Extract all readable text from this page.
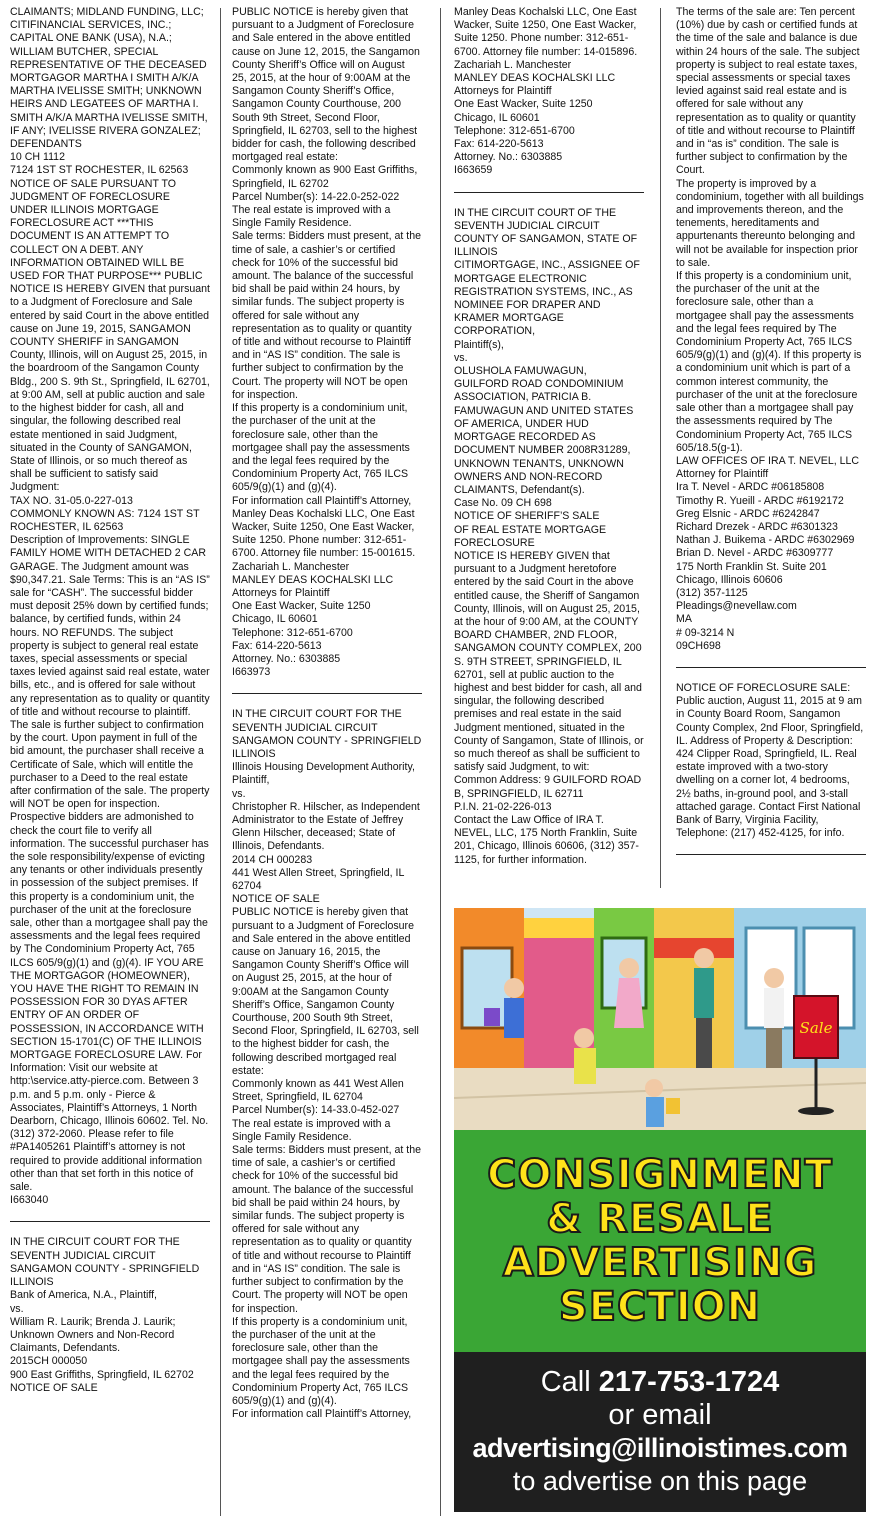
CLAIMANTS; MIDLAND FUNDING, LLC; CITIFINANCIAL SERVICES, INC.; CAPITAL ONE BANK (USA), N.A.; WILLIAM BUTCHER, SPECIAL REPRESENTATIVE OF THE DECEASED MORTGAGOR MARTHA I SMITH A/K/A MARTHA IVELISSE SMITH; UNKNOWN HEIRS AND LEGATEES OF MARTHA I. SMITH A/K/A MARTHA IVELISSE SMITH, IF ANY; IVELISSE RIVERA GONZALEZ;
DEFENDANTS
10 CH 1112
7124 1ST ST ROCHESTER, IL 62563
NOTICE OF SALE PURSUANT TO JUDGMENT OF FORECLOSURE UNDER ILLINOIS MORTGAGE FORECLOSURE ACT ***THIS DOCUMENT IS AN ATTEMPT TO COLLECT ON A DEBT. ANY INFORMATION OBTAINED WILL BE USED FOR THAT PURPOSE*** PUBLIC NOTICE IS HEREBY GIVEN that pursuant to a Judgment of Foreclosure and Sale entered by said Court in the above entitled cause on June 19, 2015, SANGAMON COUNTY SHERIFF in SANGAMON County, Illinois, will on August 25, 2015, in the boardroom of the Sangamon County Bldg., 200 S. 9th St., Springfield, IL 62701, at 9:00 AM, sell at public auction and sale to the highest bidder for cash, all and singular, the following described real estate mentioned in said Judgment, situated in the County of SANGAMON, State of Illinois, or so much thereof as shall be sufficient to satisfy said Judgment:
TAX NO. 31-05.0-227-013
COMMONLY KNOWN AS: 7124 1ST ST ROCHESTER, IL 62563
Description of Improvements: SINGLE FAMILY HOME WITH DETACHED 2 CAR GARAGE. The Judgment amount was $90,347.21. Sale Terms: This is an “AS IS” sale for “CASH”. The successful bidder must deposit 25% down by certified funds; balance, by certified funds, within 24 hours. NO REFUNDS. The subject property is subject to general real estate taxes, special assessments or special taxes levied against said real estate, water bills, etc., and is offered for sale without any representation as to quality or quantity of title and without recourse to plaintiff. The sale is further subject to confirmation by the court. Upon payment in full of the bid amount, the purchaser shall receive a Certificate of Sale, which will entitle the purchaser to a Deed to the real estate after confirmation of the sale. The property will NOT be open for inspection. Prospective bidders are admonished to check the court file to verify all information. The successful purchaser has the sole responsibility/expense of evicting any tenants or other individuals presently in possession of the subject premises. If this property is a condominium unit, the purchaser of the unit at the foreclosure sale, other than a mortgagee shall pay the assessments and the legal fees required by The Condominium Property Act, 765 ILCS 605/9(g)(1) and (g)(4). IF YOU ARE THE MORTGAGOR (HOMEOWNER), YOU HAVE THE RIGHT TO REMAIN IN POSSESSION FOR 30 DYAS AFTER ENTRY OF AN ORDER OF POSSESSION, IN ACCORDANCE WITH SECTION 15-1701(C) OF THE ILLINOIS MORTGAGE FORECLOSURE LAW. For Information: Visit our website at http:\service.atty-pierce.com. Between 3 p.m. and 5 p.m. only - Pierce & Associates, Plaintiff’s Attorneys, 1 North Dearborn, Chicago, Illinois 60602. Tel. No. (312) 372-2060. Please refer to file #PA1405261 Plaintiff’s attorney is not required to provide additional information other than that set forth in this notice of sale.
I663040

IN THE CIRCUIT COURT FOR THE SEVENTH JUDICIAL CIRCUIT
SANGAMON COUNTY - SPRINGFIELD ILLINOIS
Bank of America, N.A., Plaintiff,
vs.
William R. Laurik; Brenda J. Laurik; Unknown Owners and Non-Record Claimants, Defendants.
2015CH 000050
900 East Griffiths, Springfield, IL 62702
NOTICE OF SALE

PUBLIC NOTICE is hereby given that pursuant to a Judgment of Foreclosure and Sale entered in the above entitled cause on June 12, 2015, the Sangamon County Sheriff’s Office will on August 25, 2015, at the hour of 9:00AM at the Sangamon County Sheriff’s Office, Sangamon County Courthouse, 200 South 9th Street, Second Floor, Springfield, IL 62703, sell to the highest bidder for cash, the following described mortgaged real estate:
Commonly known as 900 East Griffiths, Springfield, IL 62702
Parcel Number(s): 14-22.0-252-022
The real estate is improved with a Single Family Residence.
Sale terms: Bidders must present, at the time of sale, a cashier’s or certified check for 10% of the successful bid amount. The balance of the successful bid shall be paid within 24 hours, by similar funds. The subject property is offered for sale without any representation as to quality or quantity of title and without recourse to Plaintiff and in “AS IS” condition. The sale is further subject to confirmation by the Court. The property will NOT be open for inspection.
If this property is a condominium unit, the purchaser of the unit at the foreclosure sale, other than the mortgagee shall pay the assessments and the legal fees required by the Condominium Property Act, 765 ILCS 605/9(g)(1) and (g)(4).
For information call Plaintiff’s Attorney, Manley Deas Kochalski LLC, One East Wacker, Suite 1250, One East Wacker, Suite 1250. Phone number: 312-651-6700. Attorney file number: 15-001615.
Zachariah L. Manchester
MANLEY DEAS KOCHALSKI LLC
Attorneys for Plaintiff
One East Wacker, Suite 1250
Chicago, IL 60601
Telephone: 312-651-6700
Fax: 614-220-5613
Attorney. No.: 6303885
I663973

IN THE CIRCUIT COURT FOR THE SEVENTH JUDICIAL CIRCUIT
SANGAMON COUNTY - SPRINGFIELD ILLINOIS
Illinois Housing Development Authority, Plaintiff,
vs.
Christopher R. Hilscher, as Independent Administrator to the Estate of Jeffrey Glenn Hilscher, deceased; State of Illinois, Defendants.
2014 CH 000283
441 West Allen Street, Springfield, IL 62704
NOTICE OF SALE
PUBLIC NOTICE is hereby given that pursuant to a Judgment of Foreclosure and Sale entered in the above entitled cause on January 16, 2015, the Sangamon County Sheriff’s Office will on August 25, 2015, at the hour of 9:00AM at the Sangamon County Sheriff’s Office, Sangamon County Courthouse, 200 South 9th Street, Second Floor, Springfield, IL 62703, sell to the highest bidder for cash, the following described mortgaged real estate:
Commonly known as 441 West Allen Street, Springfield, IL 62704
Parcel Number(s): 14-33.0-452-027
The real estate is improved with a Single Family Residence.
Sale terms: Bidders must present, at the time of sale, a cashier’s or certified check for 10% of the successful bid amount. The balance of the successful bid shall be paid within 24 hours, by similar funds. The subject property is offered for sale without any representation as to quality or quantity of title and without recourse to Plaintiff and in “AS IS” condition. The sale is further subject to confirmation by the Court. The property will NOT be open for inspection.
If this property is a condominium unit, the purchaser of the unit at the foreclosure sale, other than the mortgagee shall pay the assessments and the legal fees required by the Condominium Property Act, 765 ILCS 605/9(g)(1) and (g)(4).
For information call Plaintiff’s Attorney,

Manley Deas Kochalski LLC, One East Wacker, Suite 1250, One East Wacker, Suite 1250. Phone number: 312-651-6700. Attorney file number: 14-015896.
Zachariah L. Manchester
MANLEY DEAS KOCHALSKI LLC
Attorneys for Plaintiff
One East Wacker, Suite 1250
Chicago, IL 60601
Telephone: 312-651-6700
Fax: 614-220-5613
Attorney. No.: 6303885
I663659

IN THE CIRCUIT COURT OF THE SEVENTH JUDICIAL CIRCUIT
COUNTY OF SANGAMON, STATE OF ILLINOIS
CITIMORTGAGE, INC., ASSIGNEE OF MORTGAGE ELECTRONIC REGISTRATION SYSTEMS, INC., AS NOMINEE FOR DRAPER AND KRAMER MORTGAGE CORPORATION,
Plaintiff(s),
vs.
OLUSHOLA FAMUWAGUN, GUILFORD ROAD CONDOMINIUM ASSOCIATION, PATRICIA B. FAMUWAGUN AND UNITED STATES OF AMERICA, UNDER HUD MORTGAGE RECORDED AS DOCUMENT NUMBER 2008R31289, UNKNOWN TENANTS, UNKNOWN OWNERS AND NON-RECORD CLAIMANTS, Defendant(s).
Case No. 09 CH 698
NOTICE OF SHERIFF’S SALE
OF REAL ESTATE MORTGAGE FORECLOSURE
NOTICE IS HEREBY GIVEN that pursuant to a Judgment heretofore entered by the said Court in the above entitled cause, the Sheriff of Sangamon County, Illinois, will on August 25, 2015, at the hour of 9:00 AM, at the COUNTY BOARD CHAMBER, 2ND FLOOR, SANGAMON COUNTY COMPLEX, 200 S. 9TH STREET, SPRINGFIELD, IL 62701, sell at public auction to the highest and best bidder for cash, all and singular, the following described premises and real estate in the said Judgment mentioned, situated in the County of Sangamon, State of Illinois, or so much thereof as shall be sufficient to satisfy said Judgment, to wit:
Common Address: 9 GUILFORD ROAD B, SPRINGFIELD, IL 62711
P.I.N. 21-02-226-013
Contact the Law Office of IRA T. NEVEL, LLC, 175 North Franklin, Suite 201, Chicago, Illinois 60606, (312) 357-1125, for further information.

The terms of the sale are: Ten percent (10%) due by cash or certified funds at the time of the sale and balance is due within 24 hours of the sale. The subject property is subject to real estate taxes, special assessments or special taxes levied against said real estate and is offered for sale without any representation as to quality or quantity of title and without recourse to Plaintiff and in “as is” condition. The sale is further subject to confirmation by the Court.
The property is improved by a condominium, together with all buildings and improvements thereon, and the tenements, hereditaments and appurtenants thereunto belonging and will not be available for inspection prior to sale.
If this property is a condominium unit, the purchaser of the unit at the foreclosure sale, other than a mortgagee shall pay the assessments and the legal fees required by The Condominium Property Act, 765 ILCS 605/9(g)(1) and (g)(4). If this property is a condominium unit which is part of a common interest community, the purchaser of the unit at the foreclosure sale other than a mortgagee shall pay the assessments required by The Condominium Property Act, 765 ILCS 605/18.5(g-1).
LAW OFFICES OF IRA T. NEVEL, LLC
Attorney for Plaintiff
Ira T. Nevel - ARDC #06185808
Timothy R. Yueill - ARDC #6192172
Greg Elsnic - ARDC #6242847
Richard Drezek - ARDC #6301323
Nathan J. Buikema - ARDC #6302969
Brian D. Nevel - ARDC #6309777
175 North Franklin St. Suite 201
Chicago, Illinois 60606
(312) 357-1125
Pleadings@nevellaw.com
MA
# 09-3214 N
09CH698

NOTICE OF FORECLOSURE SALE: Public auction, August 11, 2015 at 9 am in County Board Room, Sangamon County Complex, 2nd Floor, Springfield, IL. Address of Property & Description: 424 Clipper Road, Springfield, IL. Real estate improved with a two-story dwelling on a corner lot, 4 bedrooms, 2½ baths, in-ground pool, and 3-stall attached garage. Contact First National Bank of Barry, Virginia Facility, Telephone: (217) 452-4125, for info.

Sale
CONSIGNMENT
& RESALE
ADVERTISING
SECTION
Call 217-753-1724
or email
advertising@illinoistimes.com
to advertise on this page
